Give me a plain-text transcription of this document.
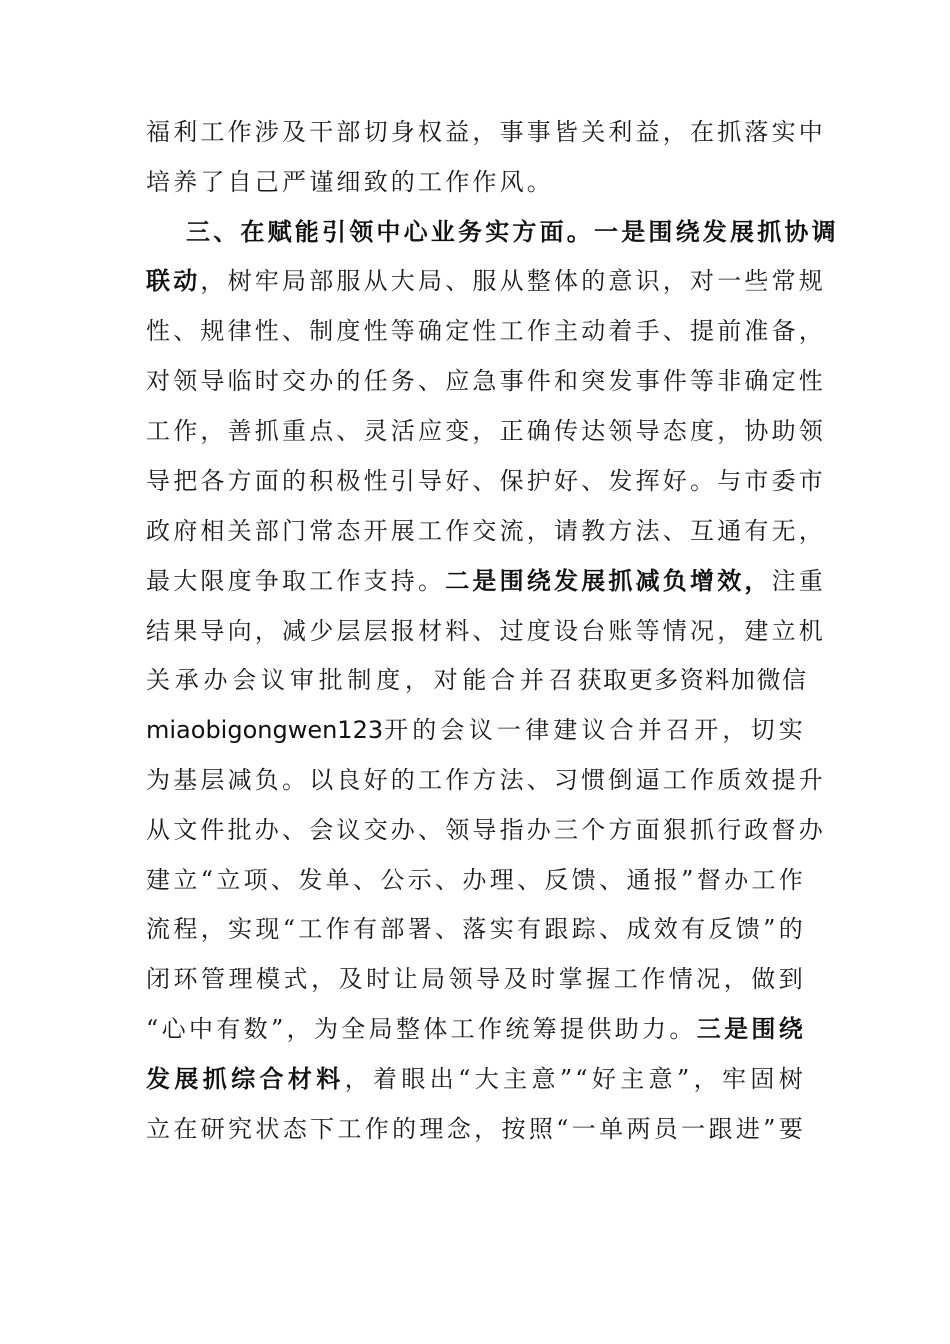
福利工作涉及干部切身权益，事事皆关利益，在抓落实中
培养了自己严谨细致的工作作风。
三、在赋能引领中心业务实方面。一是围绕发展抓协调
联动，树牢局部服从大局、服从整体的意识，对一些常规
性、规律性、制度性等确定性工作主动着手、提前准备，
对领导临时交办的任务、应急事件和突发事件等非确定性
工作，善抓重点、灵活应变，正确传达领导态度，协助领
导把各方面的积极性引导好、保护好、发挥好。与市委市
政府相关部门常态开展工作交流，请教方法、互通有无，
最大限度争取工作支持。二是围绕发展抓减负增效，注重
结果导向，减少层层报材料、过度设台账等情况，建立机
关承办会议审批制度，对能合并召获取更多资料加微信
miaobigongwen123开的会议一律建议合并召开，切实
为基层减负。以良好的工作方法、习惯倒逼工作质效提升
从文件批办、会议交办、领导指办三个方面狠抓行政督办
建立“立项、发单、公示、办理、反馈、通报”督办工作
流程，实现“工作有部署、落实有跟踪、成效有反馈”的
闭环管理模式，及时让局领导及时掌握工作情况，做到
“心中有数”，为全局整体工作统筹提供助力。三是围绕
发展抓综合材料，着眼出“大主意”“好主意”，牢固树
立在研究状态下工作的理念，按照“一单两员一跟进”要
